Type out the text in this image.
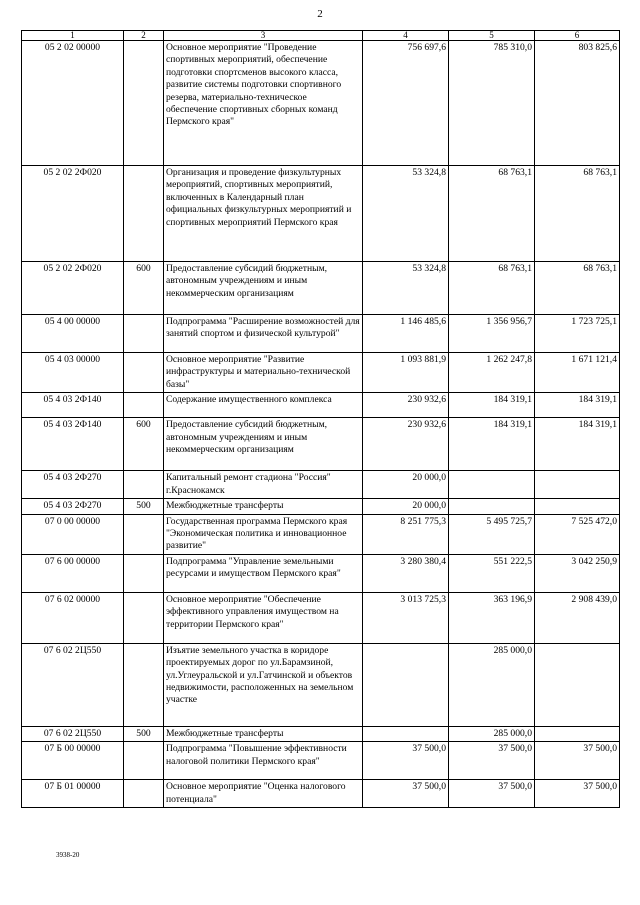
2
1	2	3	4	5	6
05 2 02 00000		Основное мероприятие "Проведение спортивных мероприятий, обеспечение подготовки спортсменов высокого класса, развитие системы подготовки спортивного резерва, материально-техническое обеспечение спортивных сборных команд Пермского края"	756 697,6	785 310,0	803 825,6
05 2 02 2Ф020		Организация и проведение физкультурных мероприятий, спортивных мероприятий, включенных в Календарный план официальных физкультурных мероприятий и спортивных мероприятий Пермского края	53 324,8	68 763,1	68 763,1
05 2 02 2Ф020	600	Предоставление субсидий бюджетным, автономным учреждениям и иным некоммерческим организациям	53 324,8	68 763,1	68 763,1
05 4 00 00000		Подпрограмма "Расширение возможностей для занятий спортом и физической культурой"	1 146 485,6	1 356 956,7	1 723 725,1
05 4 03 00000		Основное мероприятие "Развитие инфраструктуры и материально-технической базы"	1 093 881,9	1 262 247,8	1 671 121,4
05 4 03 2Ф140		Содержание имущественного комплекса	230 932,6	184 319,1	184 319,1
05 4 03 2Ф140	600	Предоставление субсидий бюджетным, автономным учреждениям и иным некоммерческим организациям	230 932,6	184 319,1	184 319,1
05 4 03 2Ф270		Капитальный ремонт стадиона "Россия" г.Краснокамск	20 000,0		
05 4 03 2Ф270	500	Межбюджетные трансферты	20 000,0		
07 0 00 00000		Государственная программа Пермского края "Экономическая политика и инновационное развитие"	8 251 775,3	5 495 725,7	7 525 472,0
07 6 00 00000		Подпрограмма "Управление земельными ресурсами и имуществом Пермского края"	3 280 380,4	551 222,5	3 042 250,9
07 6 02 00000		Основное мероприятие "Обеспечение эффективного управления имуществом на территории Пермского края"	3 013 725,3	363 196,9	2 908 439,0
07 6 02 2Ц550		Изъятие земельного участка в коридоре проектируемых дорог по ул.Барамзиной, ул.Углеуральской и ул.Гатчинской и объектов недвижимости, расположенных на земельном участке		285 000,0	
07 6 02 2Ц550	500	Межбюджетные трансферты		285 000,0	
07 Б 00 00000		Подпрограмма "Повышение эффективности налоговой политики Пермского края"	37 500,0	37 500,0	37 500,0
07 Б 01 00000		Основное мероприятие "Оценка налогового потенциала"	37 500,0	37 500,0	37 500,0
3938-20
